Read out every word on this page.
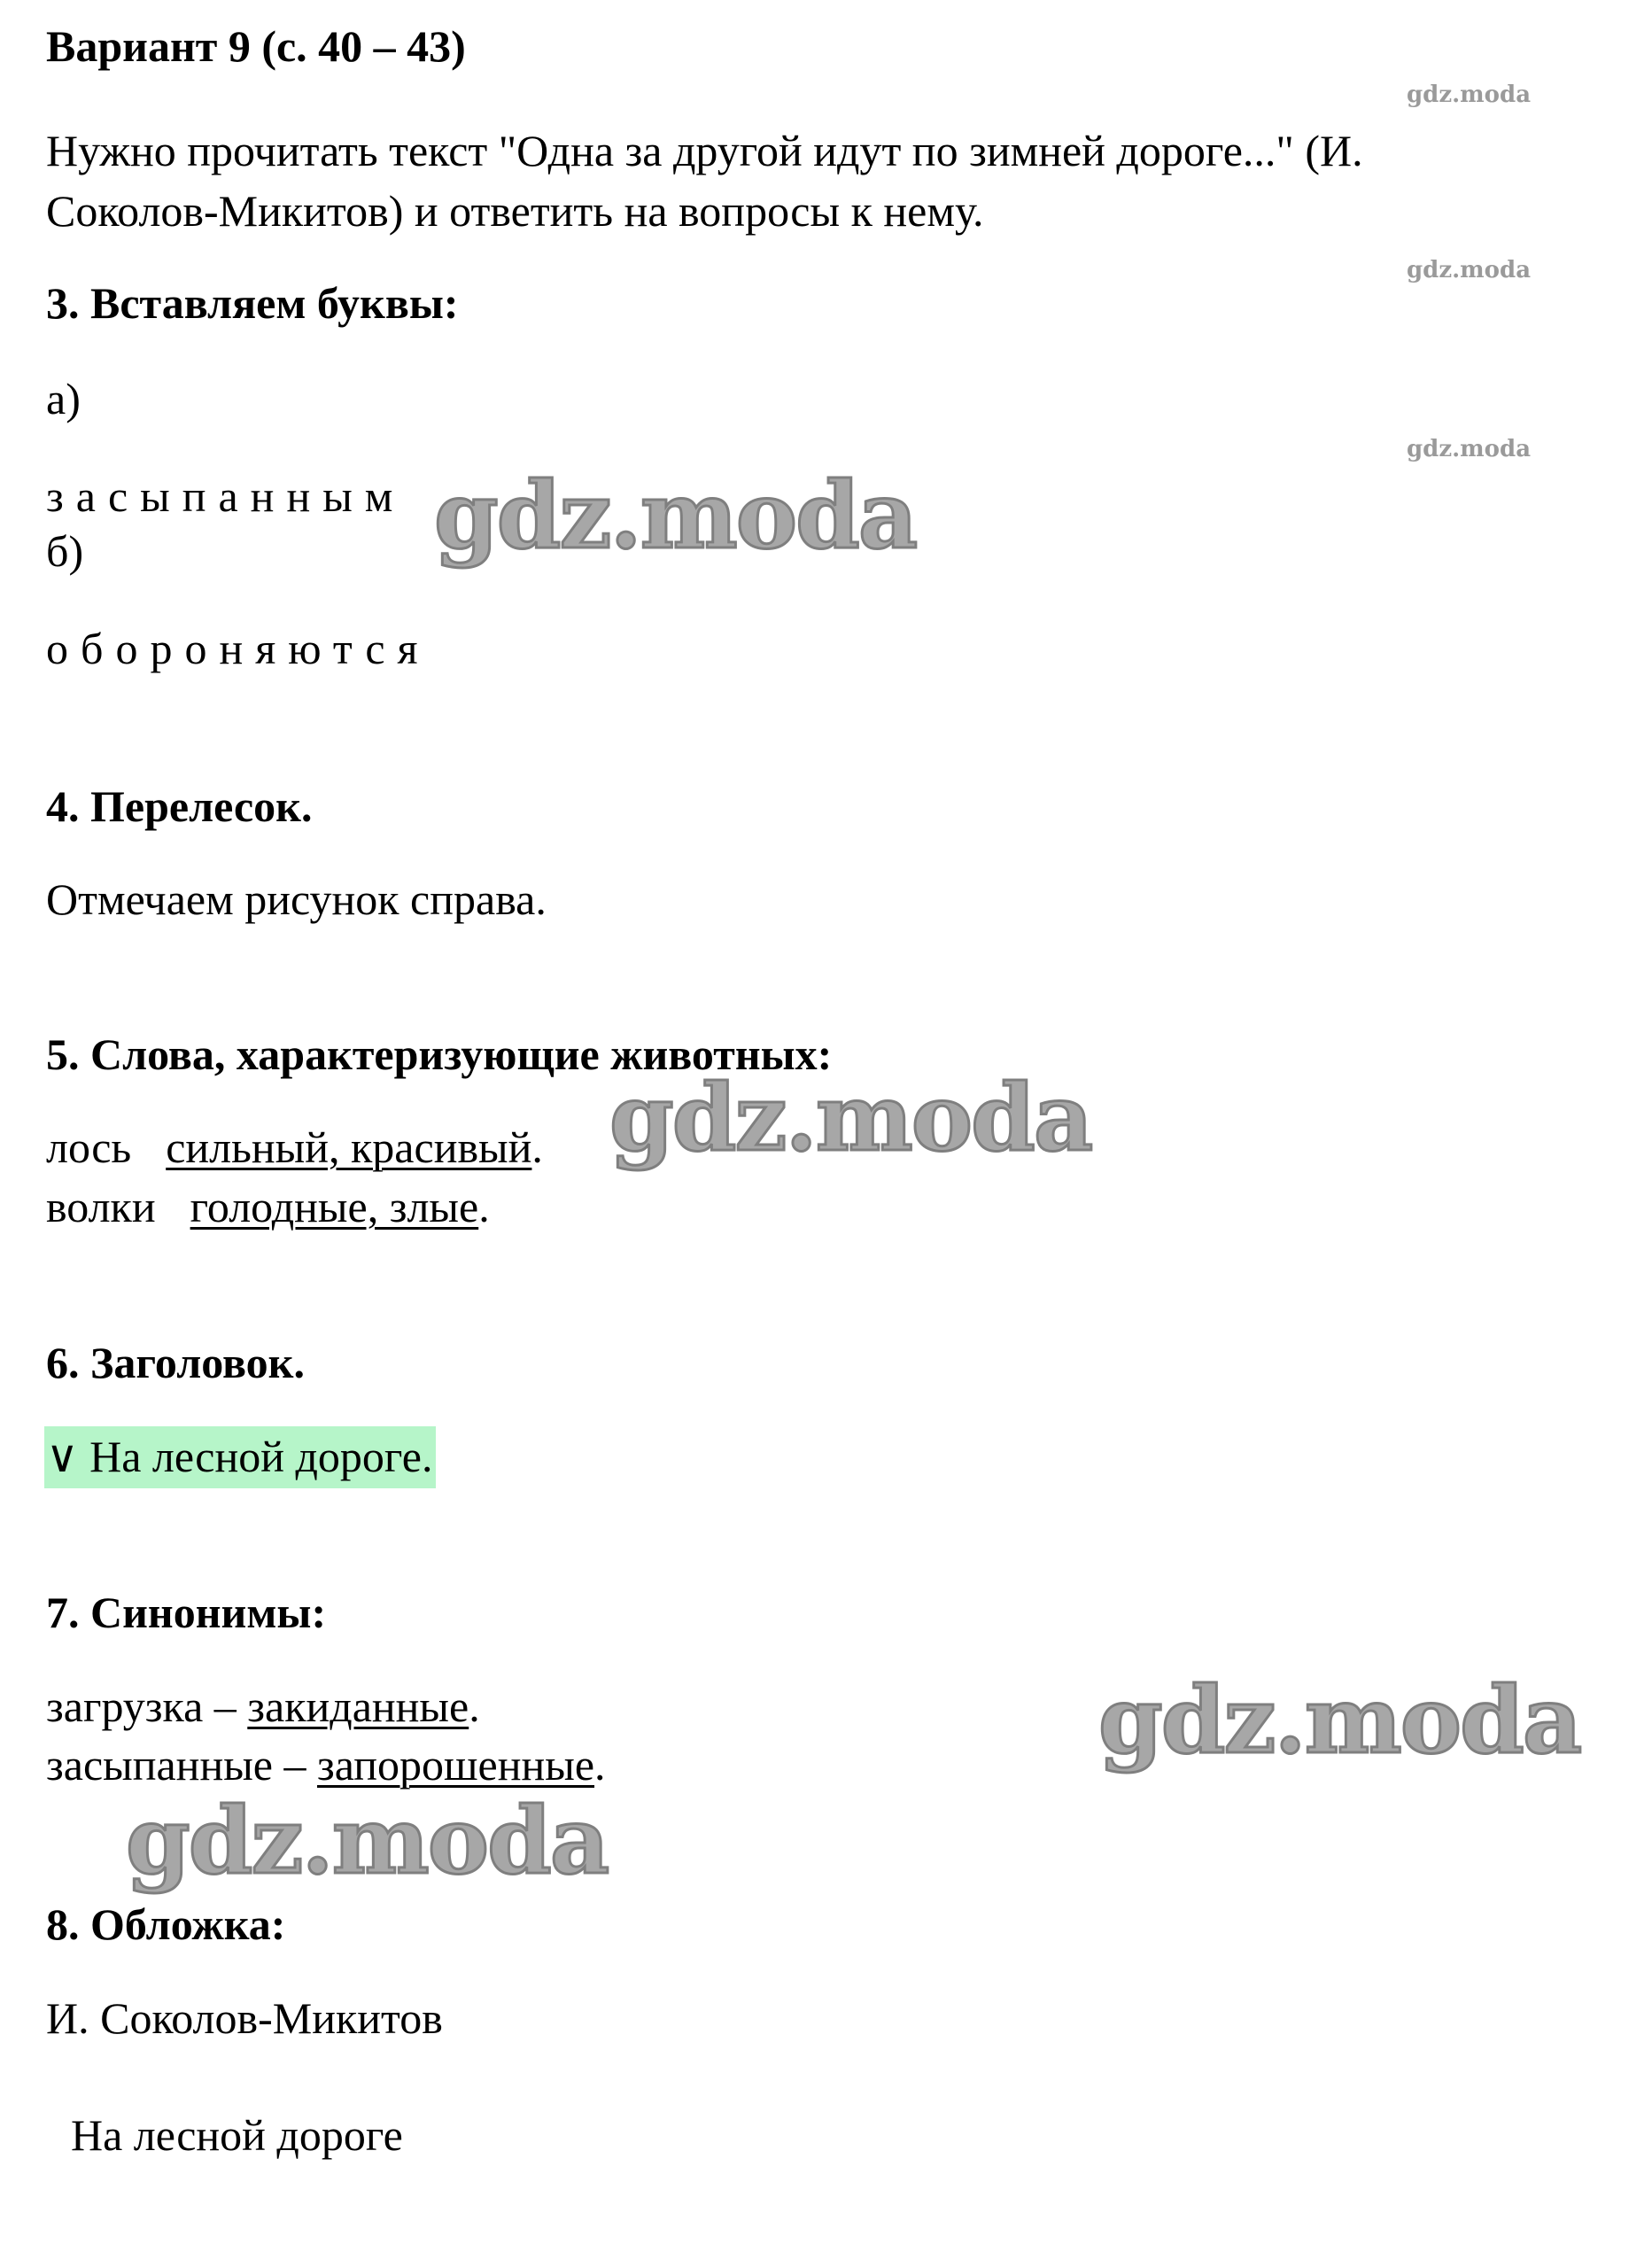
Вариант 9 (с. 40 – 43)
Нужно прочитать текст "Одна за другой идут по зимней дороге..." (И.
Соколов-Микитов) и ответить на вопросы к нему.
3. Вставляем буквы:
а)
засыпанным
б)
обороняются
4. Перелесок.
Отмечаем рисунок справа.
5. Слова, характеризующие животных:
лось сильный, красивый.
волки голодные, злые.
6. Заголовок.
∨ На лесной дороге.
7. Синонимы:
загрузка – закиданные.
засыпанные – запорошенные.
8. Обложка:
И. Соколов-Микитов
На лесной дороге
gdz.moda
gdz.moda
gdz.moda
gdz.moda
gdz.moda
gdz.moda
gdz.moda
